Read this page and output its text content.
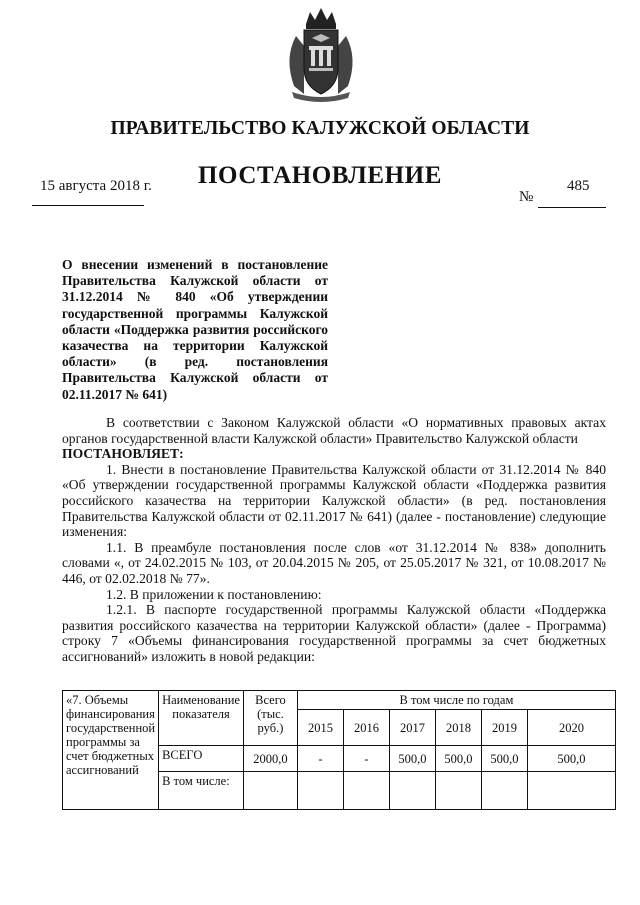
ПРАВИТЕЛЬСТВО КАЛУЖСКОЙ ОБЛАСТИ
ПОСТАНОВЛЕНИЕ
15 августа 2018 г.
№
485

О внесении изменений в постановление Правительства Калужской области от 31.12.2014 № 840 «Об утверждении государственной программы Калужской области «Поддержка развития российского казачества на территории Калужской области» (в ред. постановления Правительства Калужской области от 02.11.2017 № 641)

В соответствии с Законом Калужской области «О нормативных правовых актах органов государственной власти Калужской области» Правительство Калужской области

ПОСТАНОВЛЯЕТ:

1. Внести в постановление Правительства Калужской области от 31.12.2014 № 840 «Об утверждении государственной программы Калужской области «Поддержка развития российского казачества на территории Калужской области» (в ред. постановления Правительства Калужской области от 02.11.2017 № 641) (далее - постановление) следующие изменения:

1.1. В преамбуле постановления после слов «от 31.12.2014 № 838» дополнить словами «, от 24.02.2015 № 103, от 20.04.2015 № 205, от 25.05.2017 № 321, от 10.08.2017 № 446, от 02.02.2018 № 77».

1.2. В приложении к постановлению:

1.2.1. В паспорте государственной программы Калужской области «Поддержка развития российского казачества на территории Калужской области» (далее - Программа) строку 7 «Объемы финансирования государственной программы за счет бюджетных ассигнований» изложить в новой редакции:

«7. Объемы финансирования государственной программы за счет бюджетных ассигнований	Наименование показателя	Всего (тыс. руб.)	В том числе по годам					
			2015	2016	2017	2018	2019	2020
	ВСЕГО	2000,0	-	-	500,0	500,0	500,0	500,0
	В том числе:							
